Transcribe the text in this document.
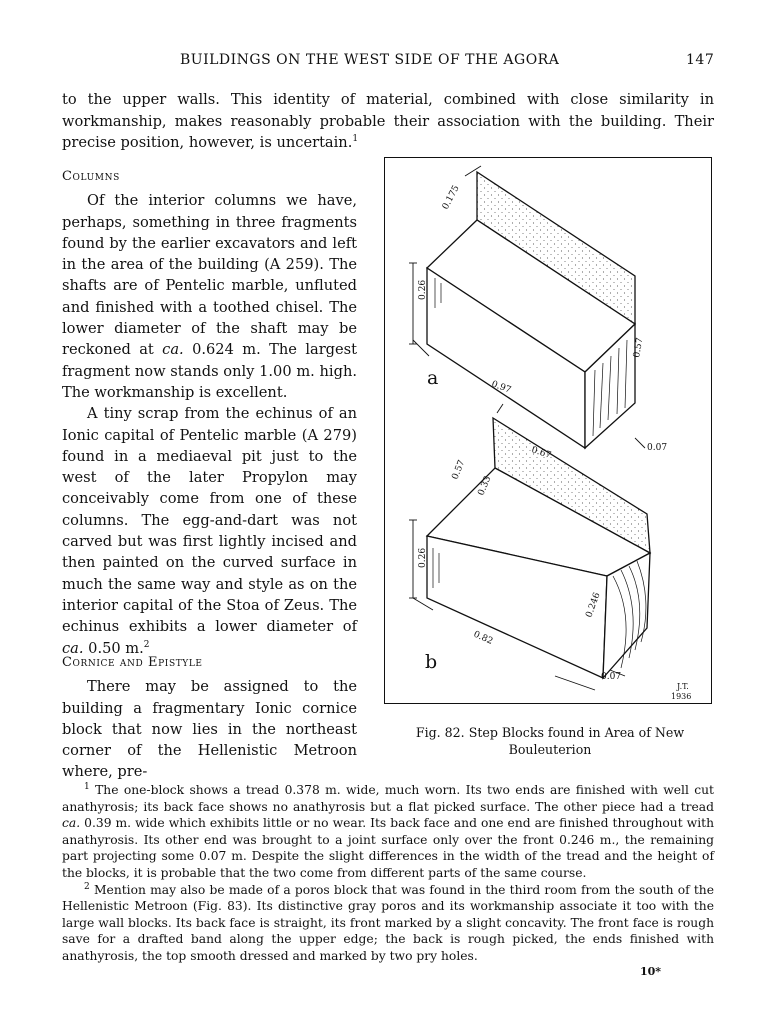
BUILDINGS ON THE WEST SIDE OF THE AGORA	147
to the upper walls. This identity of material, combined with close similarity in workmanship, makes reasonably probable their association with the building. Their precise position, however, is uncertain.$^1$
Columns
Of the interior columns we have, perhaps, something in three fragments found by the earlier excavators and left in the area of the building (A 259). The shafts are of Pentelic marble, unfluted and finished with a toothed chisel. The lower diameter of the shaft may be reckoned at ca. 0.624 m. The largest fragment now stands only 1.00 m. high. The workmanship is excellent.
A tiny scrap from the echinus of an Ionic capital of Pentelic marble (A 279) found in a mediaeval pit just to the west of the later Propylon may conceivably come from one of these columns. The egg-and-dart was not carved but was first lightly incised and then painted on the curved surface in much the same way and style as on the interior capital of the Stoa of Zeus. The echinus exhibits a lower diameter of ca. 0.50 m.$^2$
Cornice and Epistyle
There may be assigned to the building a fragmentary Ionic cornice block that now lies in the northeast corner of the Hellenistic Metroon where, pre-
0.175
0.26
0.57
0.97
0.07
a
0.67
0.57
0.33
0.26
0.246
0.82
0.07
b
J.T.
1936
Fig. 82. Step Blocks found in Area of New
Bouleuterion

$^1$ The one-block shows a tread 0.378 m. wide, much worn. Its two ends are finished with well cut anathyrosis; its back face shows no anathyrosis but a flat picked surface. The other piece had a tread ca. 0.39 m. wide which exhibits little or no wear. Its back face and one end are finished throughout with anathyrosis. Its other end was brought to a joint surface only over the front 0.246 m., the remaining part projecting some 0.07 m. Despite the slight differences in the width of the tread and the height of the blocks, it is probable that the two come from different parts of the same course.

$^2$ Mention may also be made of a poros block that was found in the third room from the south of the Hellenistic Metroon (Fig. 83). Its distinctive gray poros and its workmanship associate it too with the large wall blocks. Its back face is straight, its front marked by a slight concavity. The front face is rough save for a drafted band along the upper edge; the back is rough picked, the ends finished with anathyrosis, the top smooth dressed and marked by two pry holes.

10*
